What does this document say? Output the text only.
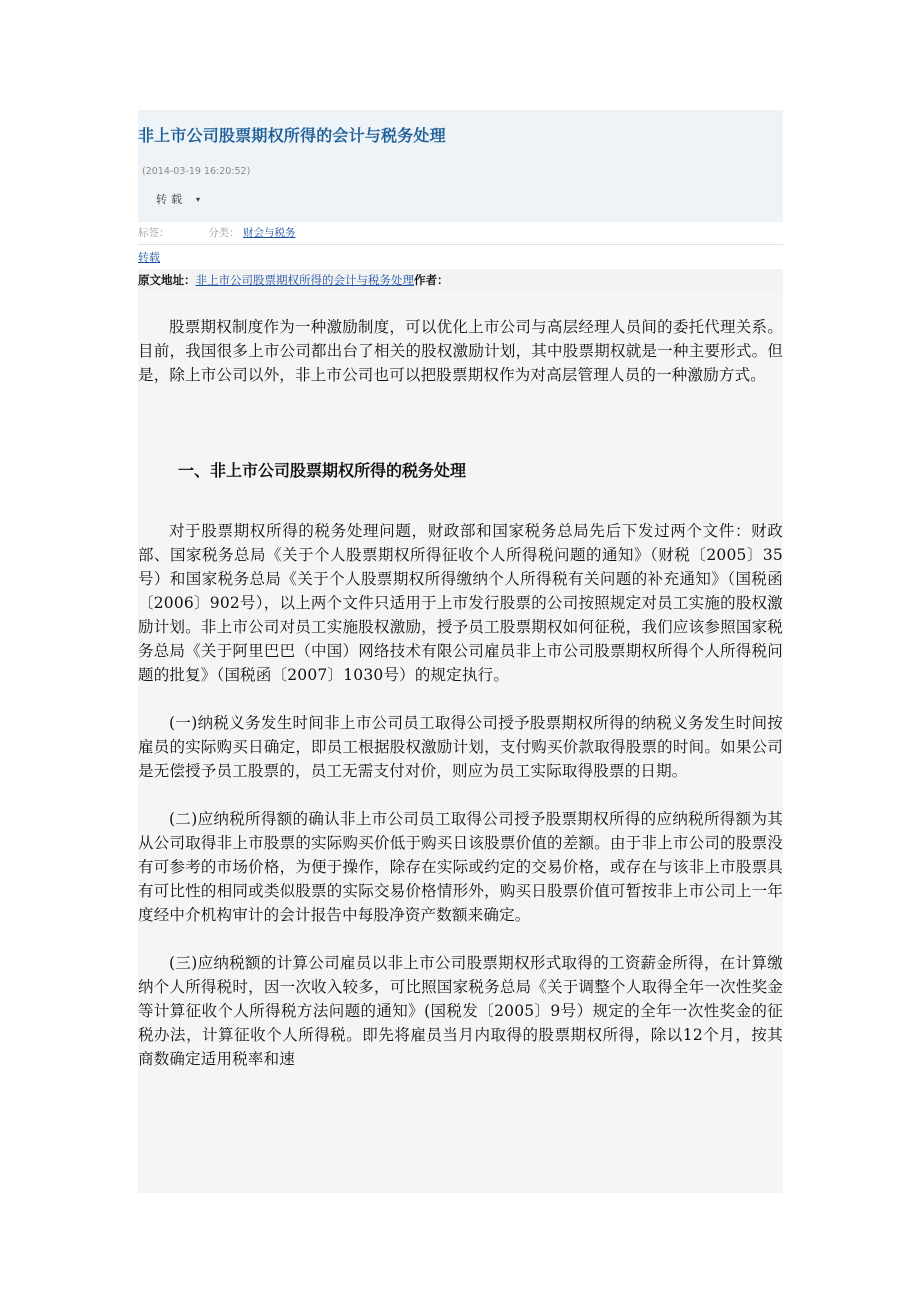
非上市公司股票期权所得的会计与税务处理
(2014-03-19 16:20:52)
转载 ▾
标签：	分类： 财会与税务
转载
原文地址：非上市公司股票期权所得的会计与税务处理作者：

股票期权制度作为一种激励制度，可以优化上市公司与高层经理人员间的委托代理关系。目前，我国很多上市公司都出台了相关的股权激励计划，其中股票期权就是一种主要形式。但是，除上市公司以外，非上市公司也可以把股票期权作为对高层管理人员的一种激励方式。

一、非上市公司股票期权所得的税务处理

对于股票期权所得的税务处理问题，财政部和国家税务总局先后下发过两个文件：财政部、国家税务总局《关于个人股票期权所得征收个人所得税问题的通知》（财税〔2005〕35号）和国家税务总局《关于个人股票期权所得缴纳个人所得税有关问题的补充通知》（国税函〔2006〕902号），以上两个文件只适用于上市发行股票的公司按照规定对员工实施的股权激励计划。非上市公司对员工实施股权激励，授予员工股票期权如何征税，我们应该参照国家税务总局《关于阿里巴巴（中国）网络技术有限公司雇员非上市公司股票期权所得个人所得税问题的批复》（国税函〔2007〕1030号）的规定执行。

(一)纳税义务发生时间非上市公司员工取得公司授予股票期权所得的纳税义务发生时间按雇员的实际购买日确定，即员工根据股权激励计划，支付购买价款取得股票的时间。如果公司是无偿授予员工股票的，员工无需支付对价，则应为员工实际取得股票的日期。

(二)应纳税所得额的确认非上市公司员工取得公司授予股票期权所得的应纳税所得额为其从公司取得非上市股票的实际购买价低于购买日该股票价值的差额。由于非上市公司的股票没有可参考的市场价格，为便于操作，除存在实际或约定的交易价格，或存在与该非上市股票具有可比性的相同或类似股票的实际交易价格情形外，购买日股票价值可暂按非上市公司上一年度经中介机构审计的会计报告中每股净资产数额来确定。

(三)应纳税额的计算公司雇员以非上市公司股票期权形式取得的工资薪金所得，在计算缴纳个人所得税时，因一次收入较多，可比照国家税务总局《关于调整个人取得全年一次性奖金等计算征收个人所得税方法问题的通知》(国税发〔2005〕9号）规定的全年一次性奖金的征税办法，计算征收个人所得税。即先将雇员当月内取得的股票期权所得，除以12个月，按其商数确定适用税率和速
